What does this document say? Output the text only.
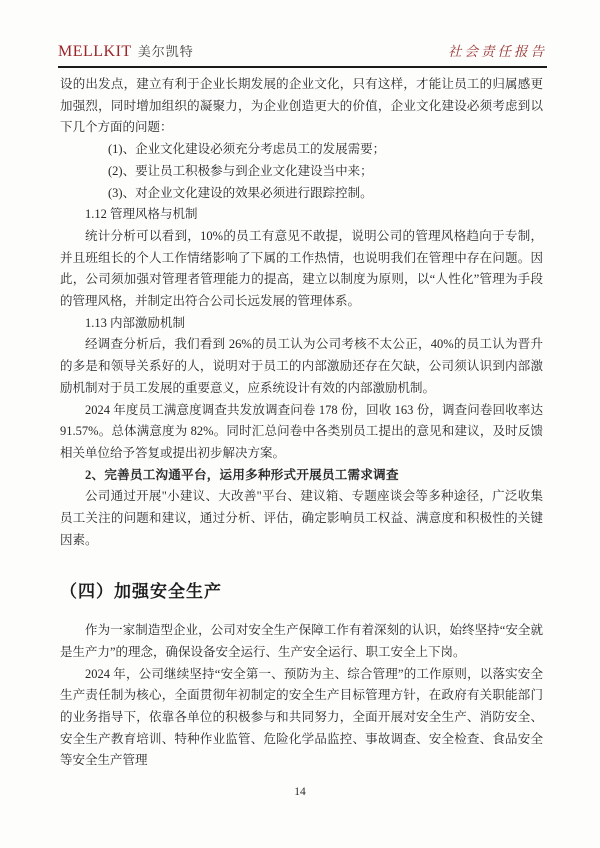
MELLKIT 美尔凯特	社会责任报告

设的出发点，建立有利于企业长期发展的企业文化，只有这样，才能让员工的归属感更加强烈，同时增加组织的凝聚力，为企业创造更大的价值，企业文化建设必须考虑到以下几个方面的问题：

(1)、企业文化建设必须充分考虑员工的发展需要；

(2)、要让员工积极参与到企业文化建设当中来；

(3)、对企业文化建设的效果必须进行跟踪控制。

1.12 管理风格与机制

统计分析可以看到，10%的员工有意见不敢提，说明公司的管理风格趋向于专制，并且班组长的个人工作情绪影响了下属的工作热情，也说明我们在管理中存在问题。因此，公司须加强对管理者管理能力的提高，建立以制度为原则，以“人性化”管理为手段的管理风格，并制定出符合公司长远发展的管理体系。

1.13 内部激励机制

经调查分析后，我们看到 26%的员工认为公司考核不太公正，40%的员工认为晋升的多是和领导关系好的人，说明对于员工的内部激励还存在欠缺，公司须认识到内部激励机制对于员工发展的重要意义，应系统设计有效的内部激励机制。

2024 年度员工满意度调查共发放调查问卷 178 份，回收 163 份，调查问卷回收率达 91.57%。总体满意度为 82%。同时汇总问卷中各类别员工提出的意见和建议，及时反馈相关单位给予答复或提出初步解决方案。

2、完善员工沟通平台，运用多种形式开展员工需求调查

公司通过开展"小建议、大改善"平台、建议箱、专题座谈会等多种途径，广泛收集员工关注的问题和建议，通过分析、评估，确定影响员工权益、满意度和积极性的关键因素。

（四）加强安全生产

作为一家制造型企业，公司对安全生产保障工作有着深刻的认识，始终坚持“安全就是生产力”的理念，确保设备安全运行、生产安全运行、职工安全上下岗。

2024 年，公司继续坚持“安全第一、预防为主、综合管理”的工作原则，以落实安全生产责任制为核心，全面贯彻年初制定的安全生产目标管理方针，在政府有关职能部门的业务指导下，依靠各单位的积极参与和共同努力，全面开展对安全生产、消防安全、安全生产教育培训、特种作业监管、危险化学品监控、事故调查、安全检查、食品安全等安全生产管理

14
